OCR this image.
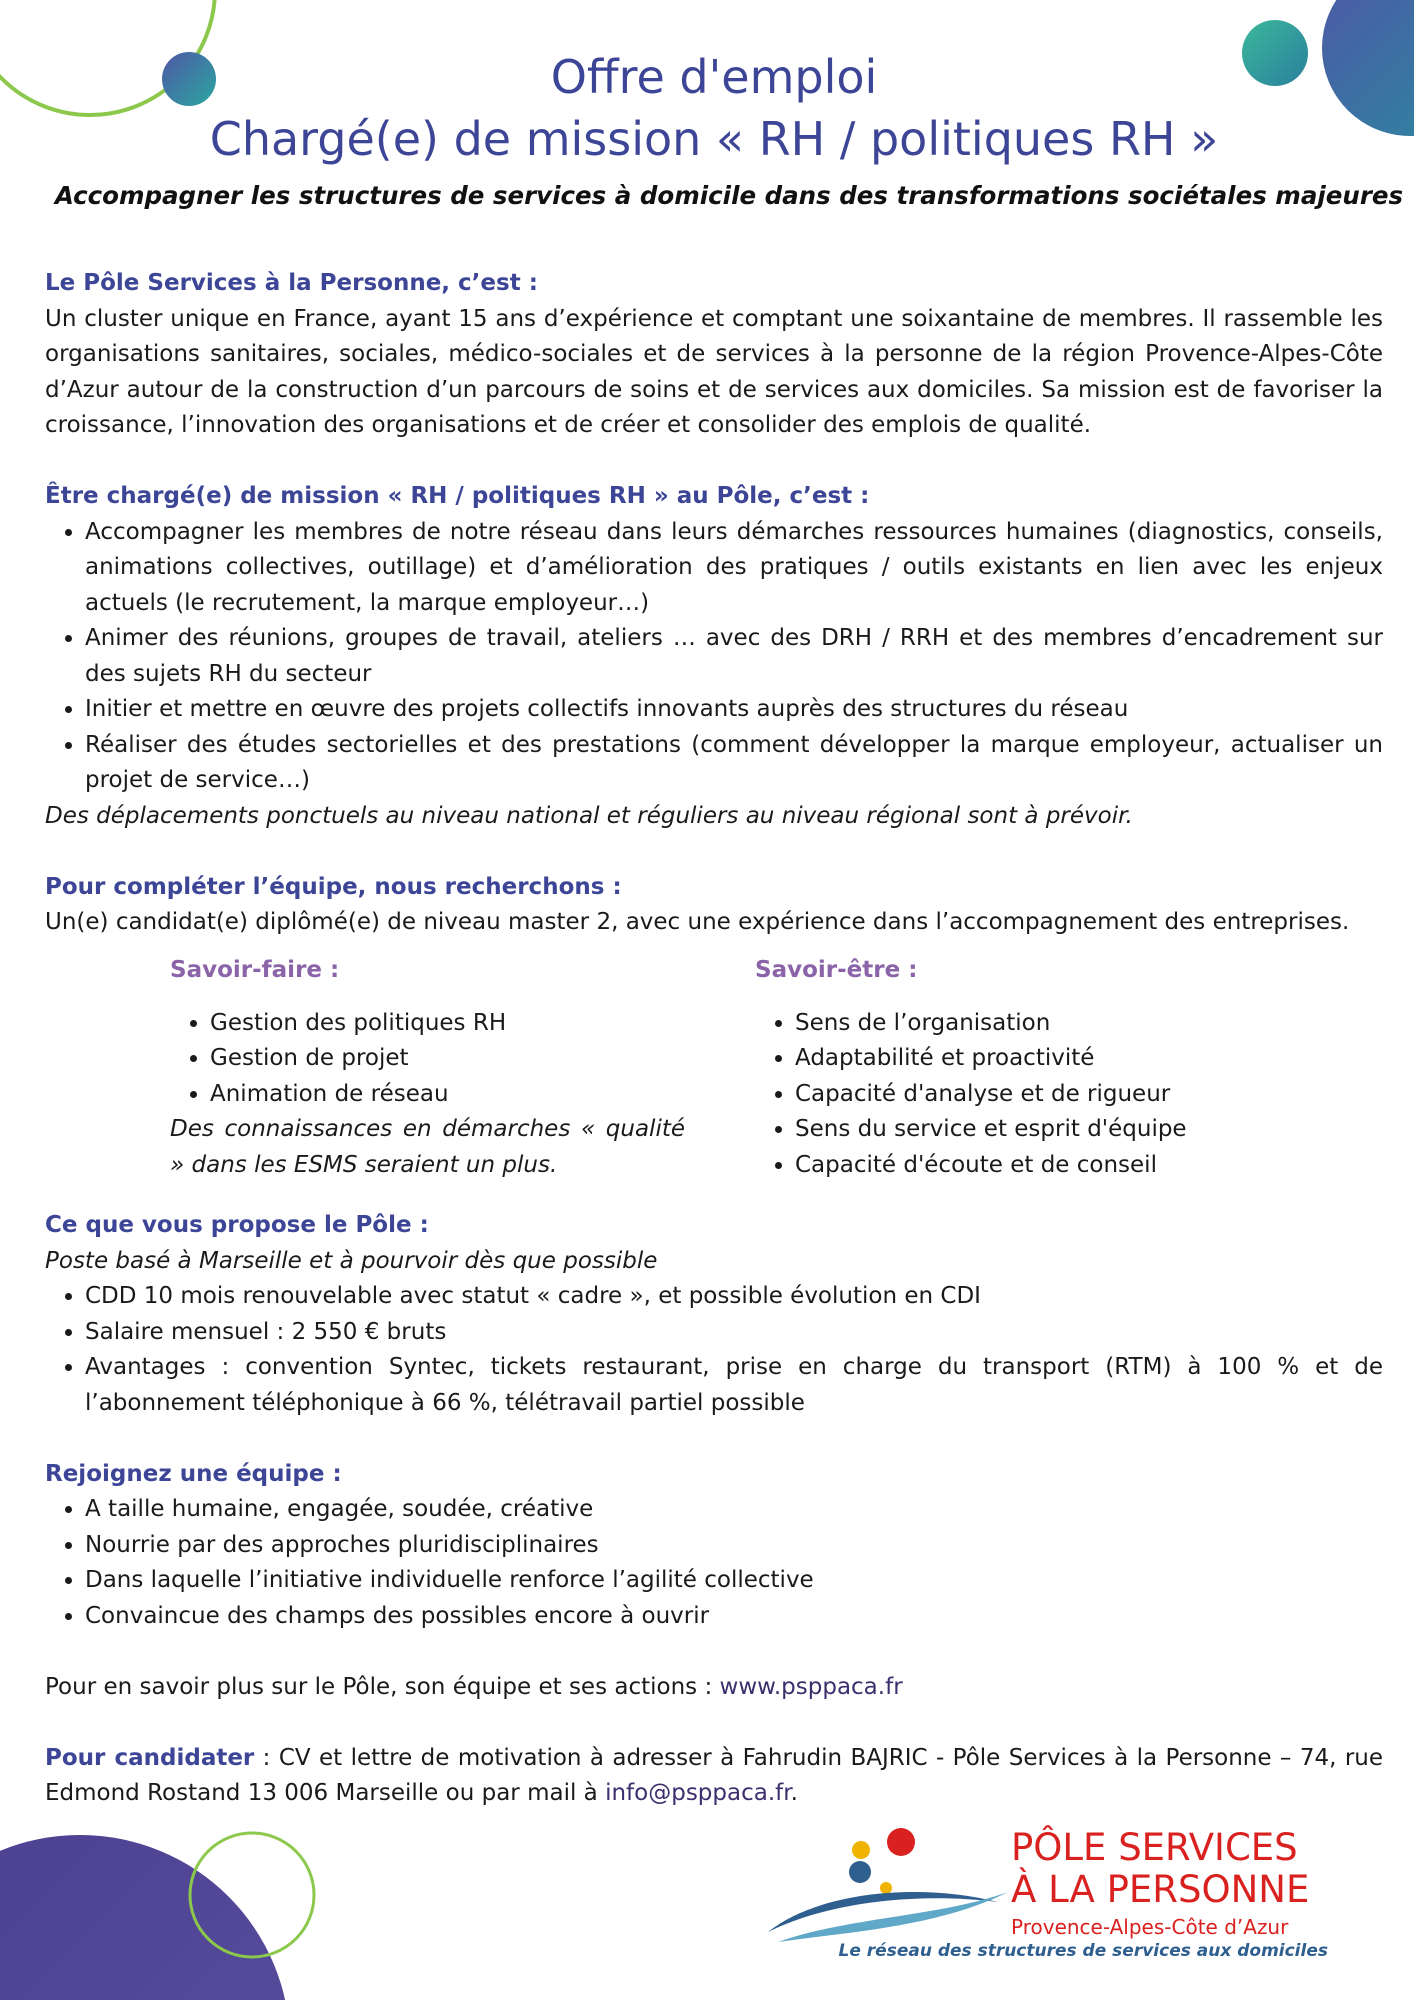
Offre d'emploi
Chargé(e) de mission « RH / politiques RH »

Accompagner les structures de services à domicile dans des transformations sociétales majeures

Le Pôle Services à la Personne, c’est :

Un cluster unique en France, ayant 15 ans d’expérience et comptant une soixantaine de membres. Il rassemble les organisations sanitaires, sociales, médico-sociales et de services à la personne de la région Provence-Alpes-Côte d’Azur autour de la construction d’un parcours de soins et de services aux domiciles. Sa mission est de favoriser la croissance, l’innovation des organisations et de créer et consolider des emplois de qualité.

Être chargé(e) de mission « RH / politiques RH » au Pôle, c’est :

• Accompagner les membres de notre réseau dans leurs démarches ressources humaines (diagnostics, conseils, animations collectives, outillage) et d’amélioration des pratiques / outils existants en lien avec les enjeux actuels (le recrutement, la marque employeur…)
• Animer des réunions, groupes de travail, ateliers … avec des DRH / RRH et des membres d’encadrement sur des sujets RH du secteur
• Initier et mettre en œuvre des projets collectifs innovants auprès des structures du réseau
• Réaliser des études sectorielles et des prestations (comment développer la marque employeur, actualiser un projet de service…)

Des déplacements ponctuels au niveau national et réguliers au niveau régional sont à prévoir.

Pour compléter l’équipe, nous recherchons :

Un(e) candidat(e) diplômé(e) de niveau master 2, avec une expérience dans l’accompagnement des entreprises.

Savoir-faire :

• Gestion des politiques RH
• Gestion de projet
• Animation de réseau

Des connaissances en démarches « qualité » dans les ESMS seraient un plus.

Savoir-être :

• Sens de l’organisation
• Adaptabilité et proactivité
• Capacité d'analyse et de rigueur
• Sens du service et esprit d'équipe
• Capacité d'écoute et de conseil

Ce que vous propose le Pôle :

Poste basé à Marseille et à pourvoir dès que possible

• CDD 10 mois renouvelable avec statut « cadre », et possible évolution en CDI
• Salaire mensuel : 2 550 € bruts
• Avantages : convention Syntec, tickets restaurant, prise en charge du transport (RTM) à 100 % et de l’abonnement téléphonique à 66 %, télétravail partiel possible

Rejoignez une équipe :

• A taille humaine, engagée, soudée, créative
• Nourrie par des approches pluridisciplinaires
• Dans laquelle l’initiative individuelle renforce l’agilité collective
• Convaincue des champs des possibles encore à ouvrir

Pour en savoir plus sur le Pôle, son équipe et ses actions : www.psppaca.fr

Pour candidater : CV et lettre de motivation à adresser à Fahrudin BAJRIC - Pôle Services à la Personne – 74, rue Edmond Rostand 13 006 Marseille ou par mail à info@psppaca.fr.

PÔLE SERVICES
À LA PERSONNE
Provence-Alpes-Côte d’Azur
Le réseau des structures de services aux domiciles
